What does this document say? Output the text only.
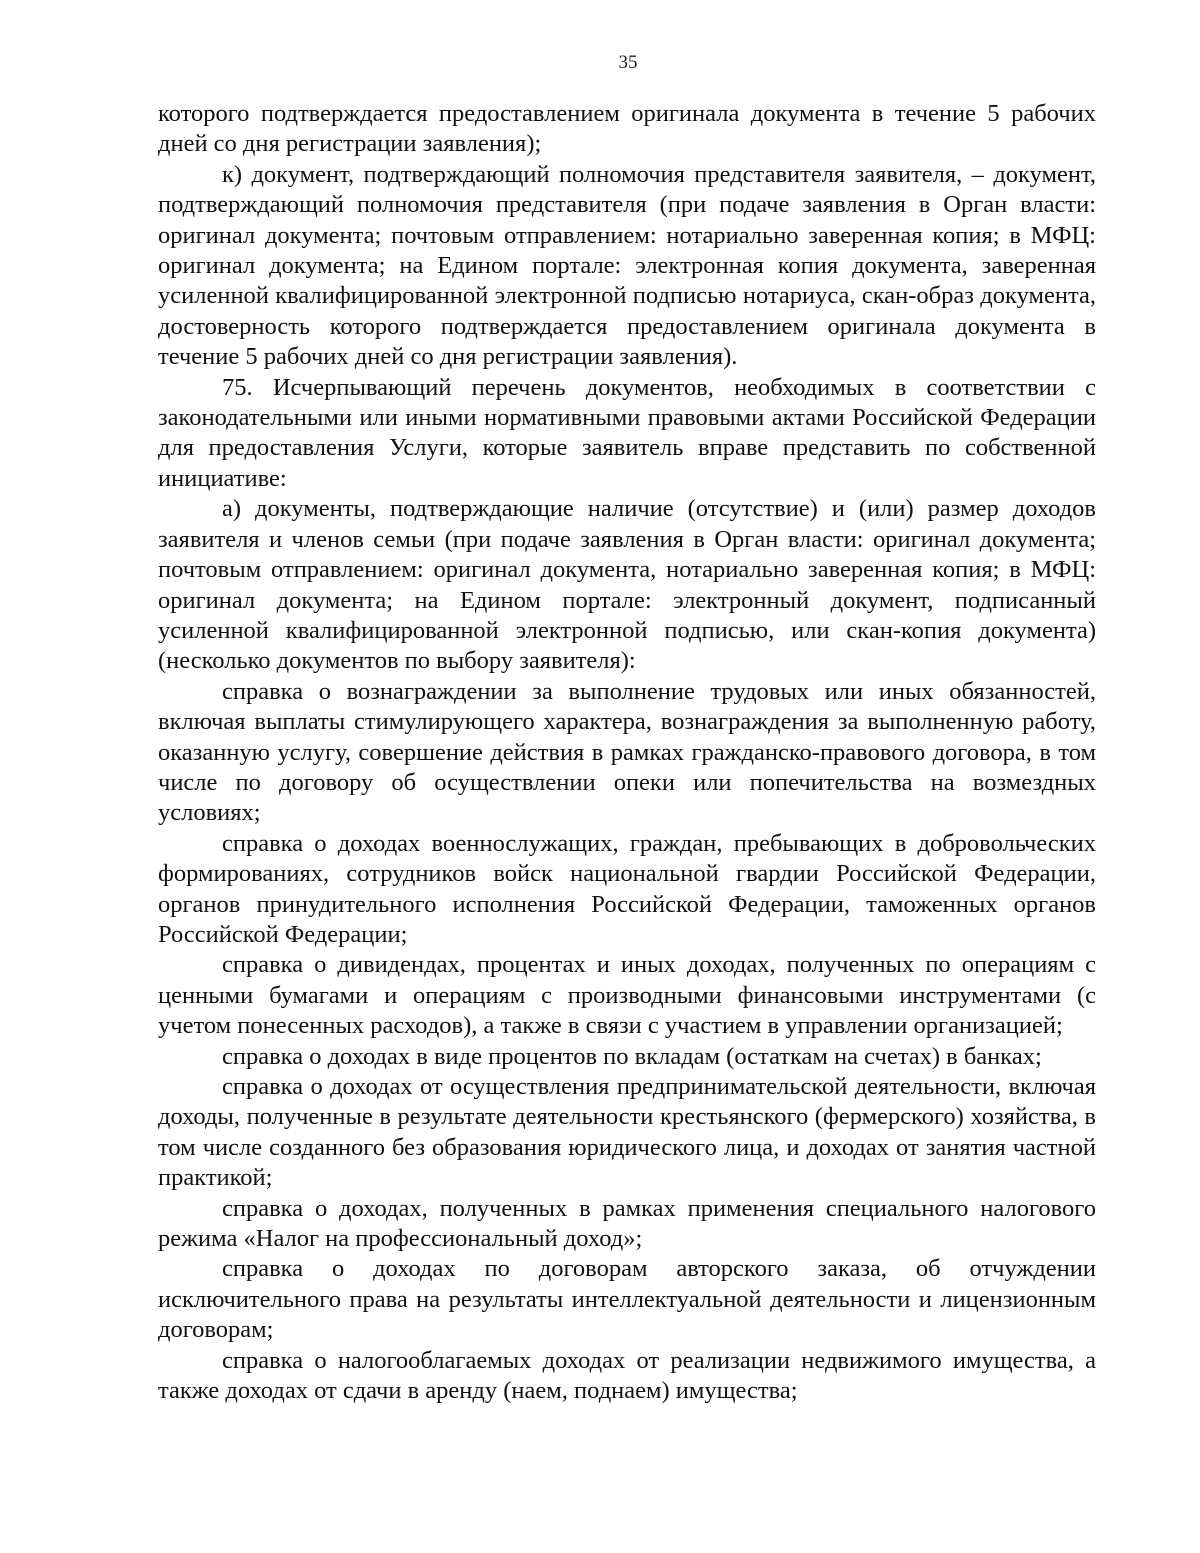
35

которого подтверждается предоставлением оригинала документа в течение 5 рабочих дней со дня регистрации заявления);

к) документ, подтверждающий полномочия представителя заявителя, – документ, подтверждающий полномочия представителя (при подаче заявления в Орган власти: оригинал документа; почтовым отправлением: нотариально заверенная копия; в МФЦ: оригинал документа; на Едином портале: электронная копия документа, заверенная усиленной квалифицированной электронной подписью нотариуса, скан-образ документа, достоверность которого подтверждается предоставлением оригинала документа в течение 5 рабочих дней со дня регистрации заявления).

75. Исчерпывающий перечень документов, необходимых в соответствии с законодательными или иными нормативными правовыми актами Российской Федерации для предоставления Услуги, которые заявитель вправе представить по собственной инициативе:

а) документы, подтверждающие наличие (отсутствие) и (или) размер доходов заявителя и членов семьи (при подаче заявления в Орган власти: оригинал документа; почтовым отправлением: оригинал документа, нотариально заверенная копия; в МФЦ: оригинал документа; на Едином портале: электронный документ, подписанный усиленной квалифицированной электронной подписью, или скан-копия документа) (несколько документов по выбору заявителя):

справка о вознаграждении за выполнение трудовых или иных обязанностей, включая выплаты стимулирующего характера, вознаграждения за выполненную работу, оказанную услугу, совершение действия в рамках гражданско-правового договора, в том числе по договору об осуществлении опеки или попечительства на возмездных условиях;

справка о доходах военнослужащих, граждан, пребывающих в добровольческих формированиях, сотрудников войск национальной гвардии Российской Федерации, органов принудительного исполнения Российской Федерации, таможенных органов Российской Федерации;

справка о дивидендах, процентах и иных доходах, полученных по операциям с ценными бумагами и операциям с производными финансовыми инструментами (с учетом понесенных расходов), а также в связи с участием в управлении организацией;

справка о доходах в виде процентов по вкладам (остаткам на счетах) в банках;

справка о доходах от осуществления предпринимательской деятельности, включая доходы, полученные в результате деятельности крестьянского (фермерского) хозяйства, в том числе созданного без образования юридического лица, и доходах от занятия частной практикой;

справка о доходах, полученных в рамках применения специального налогового режима «Налог на профессиональный доход»;

справка о доходах по договорам авторского заказа, об отчуждении исключительного права на результаты интеллектуальной деятельности и лицензионным договорам;

справка о налогооблагаемых доходах от реализации недвижимого имущества, а также доходах от сдачи в аренду (наем, поднаем) имущества;
